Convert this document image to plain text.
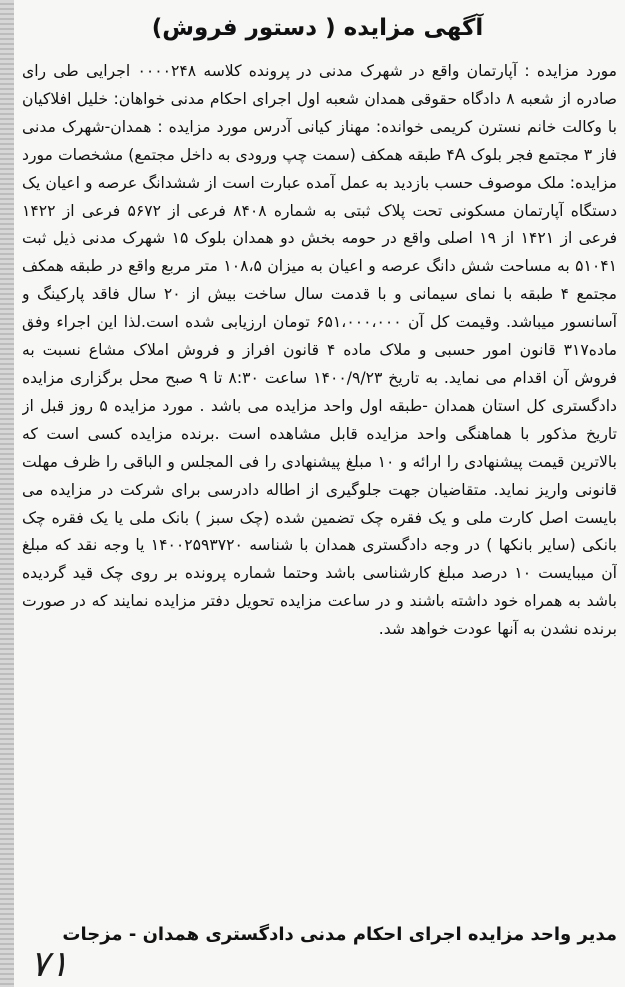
آگهی مزایده ( دستور فروش)
مورد مزایده : آپارتمان واقع در شهرک مدنی در پرونده کلاسه ۰۰۰۰۲۴۸ اجرایی طی رای صادره از شعبه ۸ دادگاه حقوقی همدان شعبه اول اجرای احکام مدنی خواهان: خلیل افلاکیان با وکالت خانم نسترن کریمی خوانده: مهناز کیانی آدرس مورد مزایده : همدان-شهرک مدنی فاز ۳ مجتمع فجر بلوک ۴A طبقه همکف (سمت چپ ورودی به داخل مجتمع) مشخصات مورد مزایده: ملک موصوف حسب بازدید به عمل آمده عبارت است از ششدانگ عرصه و اعیان یک دستگاه آپارتمان مسکونی تحت پلاک ثبتی به شماره ۸۴۰۸ فرعی از ۵۶۷۲ فرعی از ۱۴۲۲ فرعی از ۱۴۲۱ از ۱۹ اصلی واقع در حومه بخش دو همدان بلوک ۱۵ شهرک مدنی ذیل ثبت ۵۱۰۴۱ به مساحت شش دانگ عرصه و اعیان به میزان ۱۰۸،۵ متر مربع واقع در طبقه همکف مجتمع ۴ طبقه با نمای سیمانی و با قدمت سال ساخت بیش از ۲۰ سال فاقد پارکینگ و آسانسور میباشد. وقیمت کل آن ۶۵۱،۰۰۰،۰۰۰ تومان ارزیابی شده است.لذا این اجراء وفق ماده۳۱۷ قانون امور حسبی و ملاک ماده ۴ قانون افراز و فروش املاک مشاع نسبت به فروش آن اقدام می نماید. به تاریخ ۱۴۰۰/۹/۲۳ ساعت ۸:۳۰ تا ۹ صبح محل برگزاری مزایده دادگستری کل استان همدان -طبقه اول واحد مزایده می باشد . مورد مزایده ۵ روز قبل از تاریخ مذکور با هماهنگی واحد مزایده قابل مشاهده است .برنده مزایده کسی است که بالاترین قیمت پیشنهادی را ارائه و ۱۰ مبلغ پیشنهادی را فی المجلس و الباقی را ظرف مهلت قانونی واریز نماید. متقاضیان جهت جلوگیری از اطاله دادرسی برای شرکت در مزایده می بایست اصل کارت ملی و یک فقره چک تضمین شده (چک سبز ) بانک ملی یا یک فقره چک بانکی (سایر بانکها ) در وجه دادگستری همدان با شناسه ۱۴۰۰۲۵۹۳۷۲۰ یا وجه نقد که مبلغ آن میبایست ۱۰ درصد مبلغ کارشناسی باشد وحتما شماره پرونده بر روی چک قید گردیده باشد به همراه خود داشته باشند و در ساعت مزایده تحویل دفتر مزایده نمایند که در صورت برنده نشدن به آنها عودت خواهد شد.
مدیر واحد مزایده اجرای احکام مدنی دادگستری همدان - مزجات
۷۱
